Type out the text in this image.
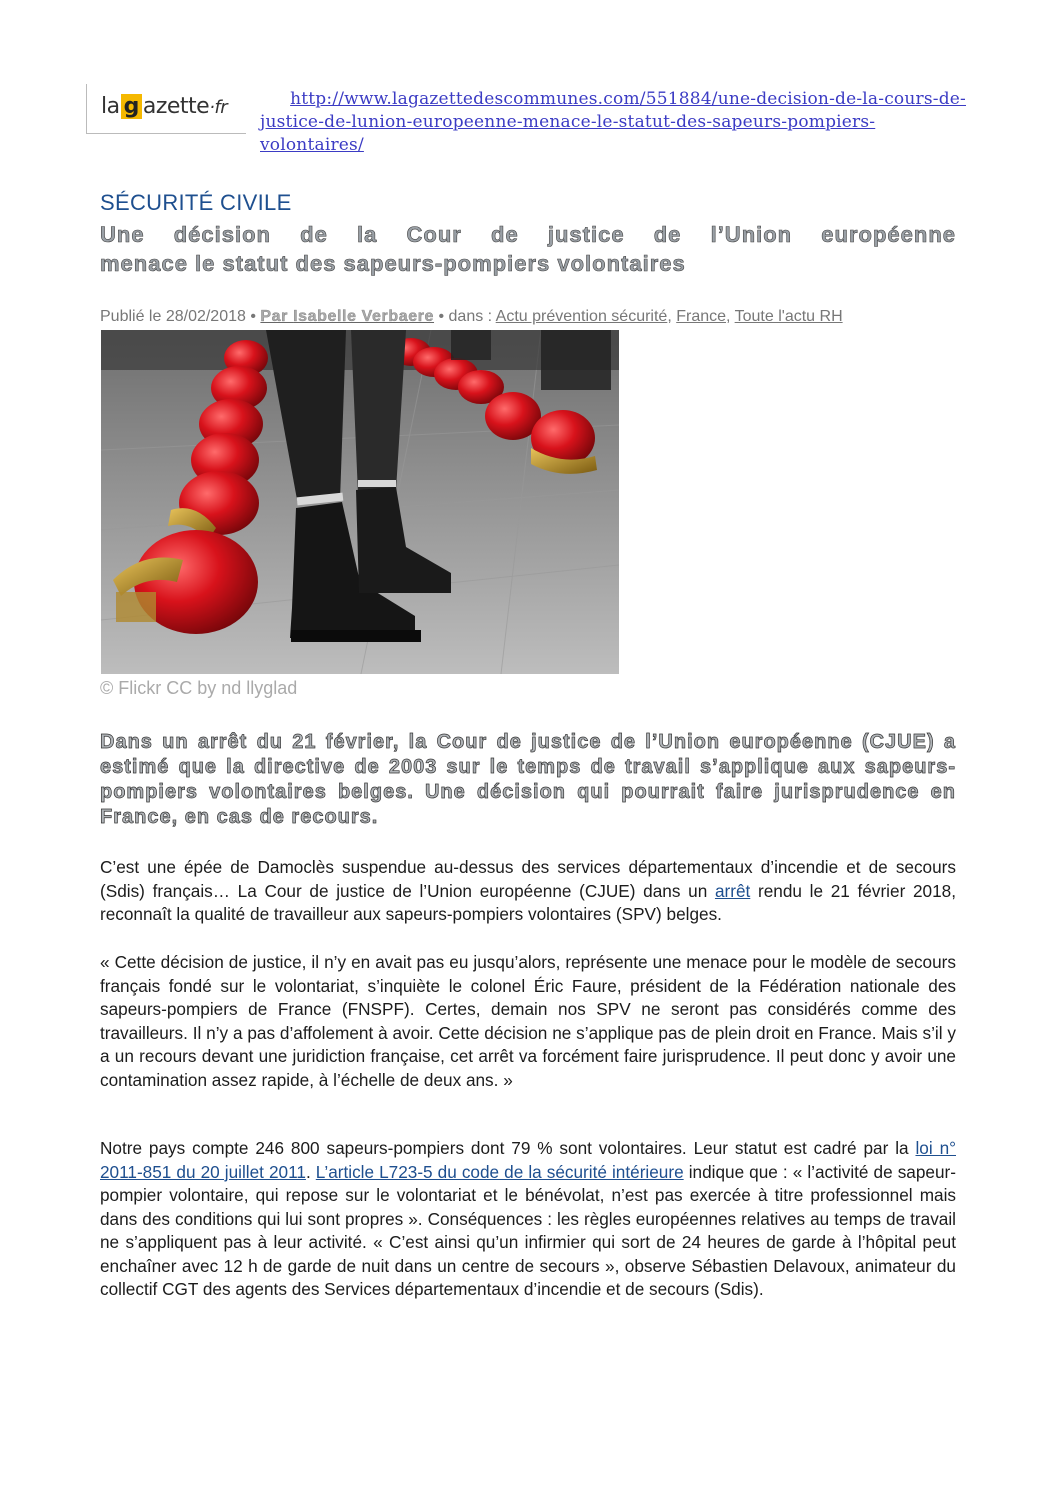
la g azette·fr	http://www.lagazettedescommunes.com/551884/une-decision-de-la-cours-de-
justice-de-lunion-europeenne-menace-le-statut-des-sapeurs-pompiers-volontaires/
SÉCURITÉ CIVILE
Une décision de la Cour de justice de l’Union européenne
menace le statut des sapeurs-pompiers volontaires
Publié le 28/02/2018 • Par Isabelle Verbaere • dans : Actu prévention sécurité, France, Toute l'actu RH
© Flickr CC by nd llyglad
Dans un arrêt du 21 février, la Cour de justice de l’Union européenne (CJUE) a estimé que la directive de 2003 sur le temps de travail s’applique aux sapeurs-pompiers volontaires belges. Une décision qui pourrait faire jurisprudence en France, en cas de recours.
C’est une épée de Damoclès suspendue au-dessus des services départementaux d’incendie et de secours (Sdis) français… La Cour de justice de l’Union européenne (CJUE) dans un arrêt rendu le 21 février 2018, reconnaît la qualité de travailleur aux sapeurs-pompiers volontaires (SPV) belges.
« Cette décision de justice, il n’y en avait pas eu jusqu’alors, représente une menace pour le modèle de secours français fondé sur le volontariat, s’inquiète le colonel Éric Faure, président de la Fédération nationale des sapeurs-pompiers de France (FNSPF). Certes, demain nos SPV ne seront pas considérés comme des travailleurs. Il n’y a pas d’affolement à avoir. Cette décision ne s’applique pas de plein droit en France. Mais s’il y a un recours devant une juridiction française, cet arrêt va forcément faire jurisprudence. Il peut donc y avoir une contamination assez rapide, à l’échelle de deux ans. »
Notre pays compte 246 800 sapeurs-pompiers dont 79 % sont volontaires. Leur statut est cadré par la loi n° 2011-851 du 20 juillet 2011. L’article L723-5 du code de la sécurité intérieure indique que : « l’activité de sapeur-pompier volontaire, qui repose sur le volontariat et le bénévolat, n’est pas exercée à titre professionnel mais dans des conditions qui lui sont propres ». Conséquences : les règles européennes relatives au temps de travail ne s’appliquent pas à leur activité. « C’est ainsi qu’un infirmier qui sort de 24 heures de garde à l’hôpital peut enchaîner avec 12 h de garde de nuit dans un centre de secours », observe Sébastien Delavoux, animateur du collectif CGT des agents des Services départementaux d’incendie et de secours (Sdis).
